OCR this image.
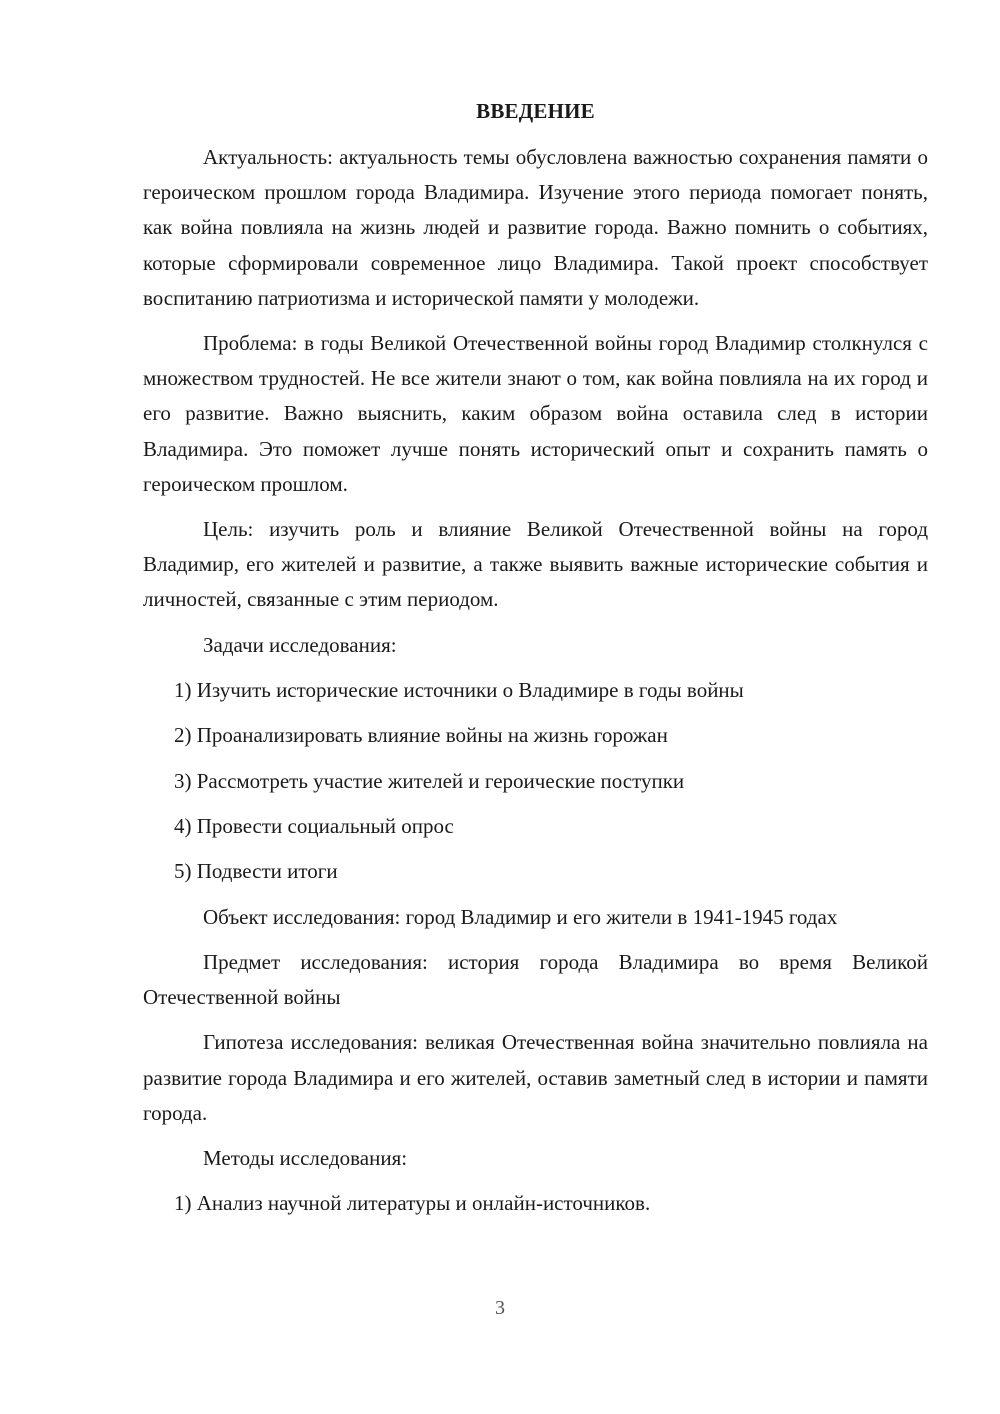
ВВЕДЕНИЕ

Актуальность: актуальность темы обусловлена важностью сохранения памяти о героическом прошлом города Владимира. Изучение этого периода помогает понять, как война повлияла на жизнь людей и развитие города. Важно помнить о событиях, которые сформировали современное лицо Владимира. Такой проект способствует воспитанию патриотизма и исторической памяти у молодежи.

Проблема: в годы Великой Отечественной войны город Владимир столкнулся с множеством трудностей. Не все жители знают о том, как война повлияла на их город и его развитие. Важно выяснить, каким образом война оставила след в истории Владимира. Это поможет лучше понять исторический опыт и сохранить память о героическом прошлом.

Цель: изучить роль и влияние Великой Отечественной войны на город Владимир, его жителей и развитие, а также выявить важные исторические события и личностей, связанные с этим периодом.

Задачи исследования:

1) Изучить исторические источники о Владимире в годы войны
2) Проанализировать влияние войны на жизнь горожан
3) Рассмотреть участие жителей и героические поступки
4) Провести социальный опрос
5) Подвести итоги

Объект исследования: город Владимир и его жители в 1941-1945 годах

Предмет исследования: история города Владимира во время Великой Отечественной войны

Гипотеза исследования: великая Отечественная война значительно повлияла на развитие города Владимира и его жителей, оставив заметный след в истории и памяти города.

Методы исследования:

1) Анализ научной литературы и онлайн-источников.
3
